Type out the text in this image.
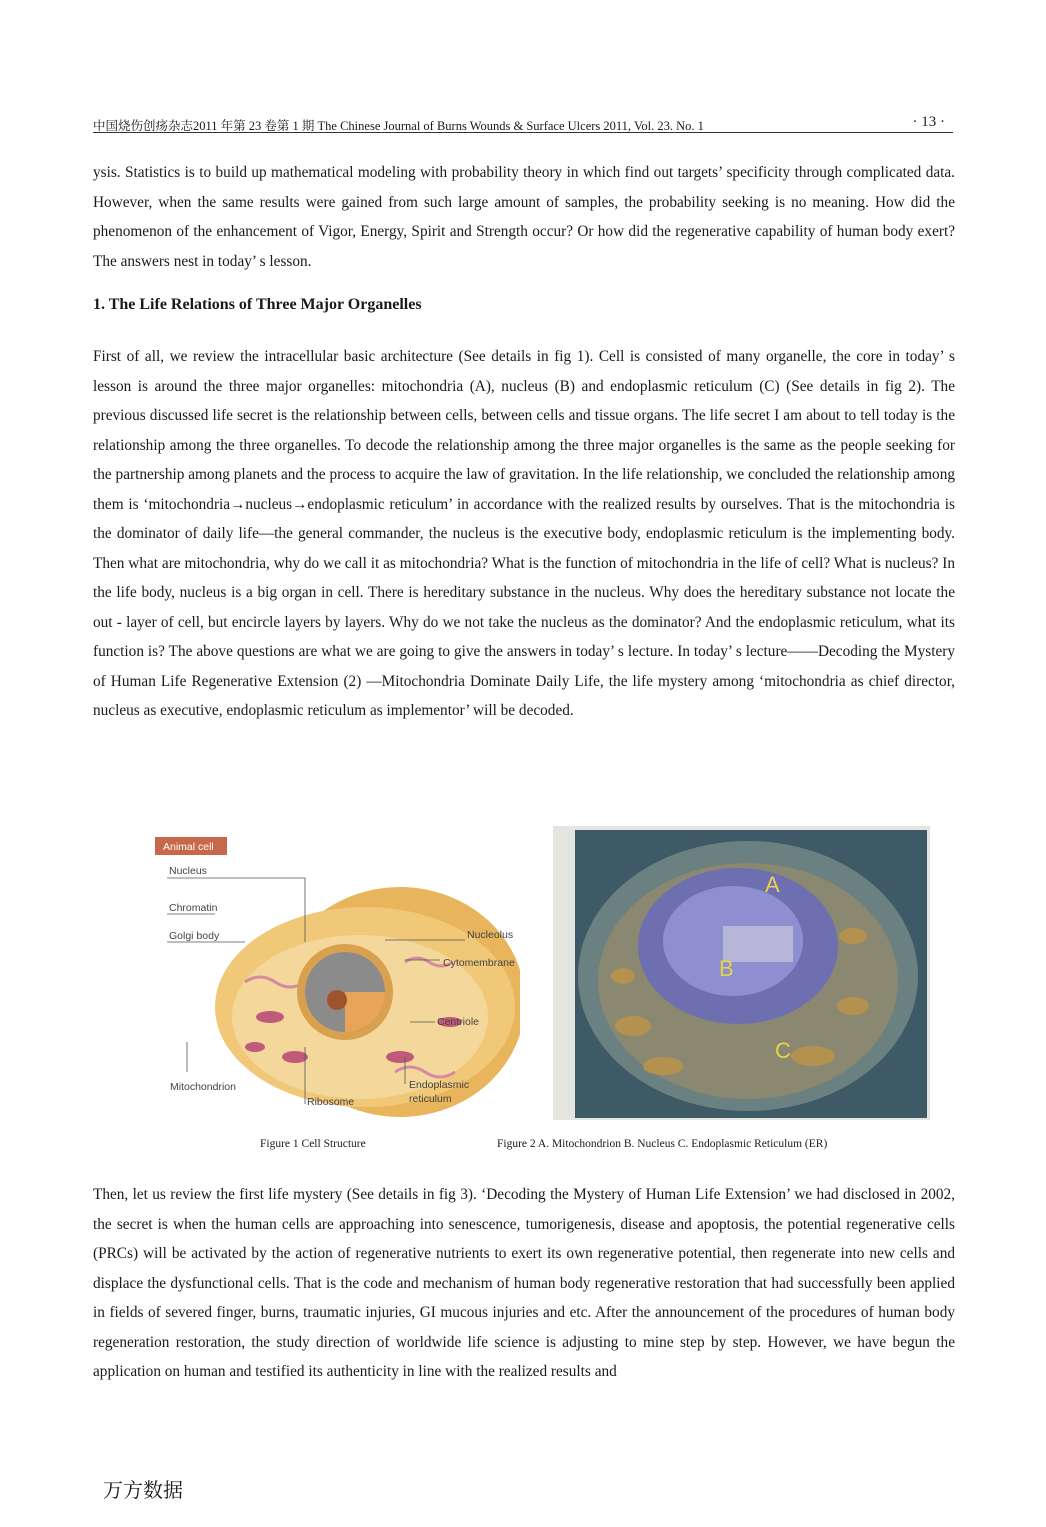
中国烧伤创疡杂志2011 年第 23 卷第 1 期 The Chinese Journal of Burns Wounds & Surface Ulcers 2011, Vol. 23. No. 1	· 13 ·

ysis. Statistics is to build up mathematical modeling with probability theory in which find out targets’ specificity through complicated data. However, when the same results were gained from such large amount of samples, the probability seeking is no meaning. How did the phenomenon of the enhancement of Vigor, Energy, Spirit and Strength occur? Or how did the regenerative capability of human body exert? The answers nest in today’ s lesson.

1. The Life Relations of Three Major Organelles

First of all, we review the intracellular basic architecture (See details in fig 1). Cell is consisted of many organelle, the core in today’ s lesson is around the three major organelles: mitochondria (A), nucleus (B) and endoplasmic reticulum (C) (See details in fig 2). The previous discussed life secret is the relationship between cells, between cells and tissue organs. The life secret I am about to tell today is the relationship among the three organelles. To decode the relationship among the three major organelles is the same as the people seeking for the partnership among planets and the process to acquire the law of gravitation. In the life relationship, we concluded the relationship among them is ‘mitochondria→nucleus→endoplasmic reticulum’ in accordance with the realized results by ourselves. That is the mitochondria is the dominator of daily life—the general commander, the nucleus is the executive body, endoplasmic reticulum is the implementing body. Then what are mitochondria, why do we call it as mitochondria? What is the function of mitochondria in the life of cell? What is nucleus? In the life body, nucleus is a big organ in cell. There is hereditary substance in the nucleus. Why does the hereditary substance not locate the out - layer of cell, but encircle layers by layers. Why do we not take the nucleus as the dominator? And the endoplasmic reticulum, what its function is? The above questions are what we are going to give the answers in today’ s lecture. In today’ s lecture——Decoding the Mystery of Human Life Regenerative Extension (2) —Mitochondria Dominate Daily Life, the life mystery among ‘mitochondria as chief director, nucleus as executive, endoplasmic reticulum as implementor’ will be decoded.

Animal cell
Nucleus
Chromatin
Golgi body	Nucleolus
Cytomembrane
Centriole
Mitochondrion
Ribosome
Endoplasmic
reticulum
A
B
C
Figure 1 Cell Structure	Figure 2 A. Mitochondrion B. Nucleus C. Endoplasmic Reticulum (ER)

Then, let us review the first life mystery (See details in fig 3). ‘Decoding the Mystery of Human Life Extension’ we had disclosed in 2002, the secret is when the human cells are approaching into senescence, tumorigenesis, disease and apoptosis, the potential regenerative cells (PRCs) will be activated by the action of regenerative nutrients to exert its own regenerative potential, then regenerate into new cells and displace the dysfunctional cells. That is the code and mechanism of human body regenerative restoration that had successfully been applied in fields of severed finger, burns, traumatic injuries, GI mucous injuries and etc. After the announcement of the procedures of human body regeneration restoration, the study direction of worldwide life science is adjusting to mine step by step. However, we have begun the application on human and testified its authenticity in line with the realized results and

万方数据
